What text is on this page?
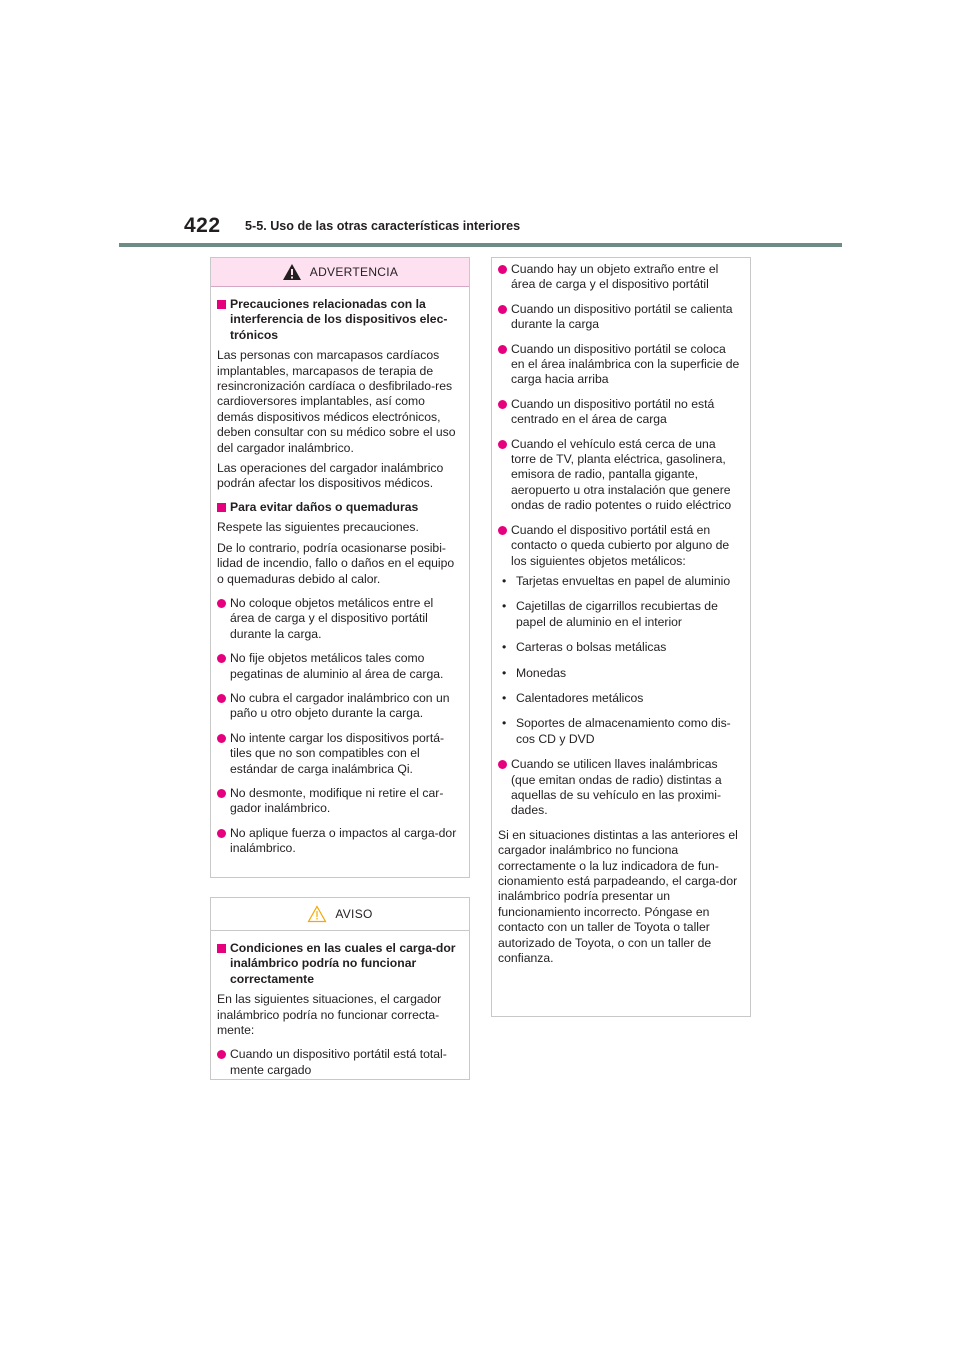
422 5-5. Uso de las otras características interiores
ADVERTENCIA
Precauciones relacionadas con la interferencia de los dispositivos elec-trónicos
Las personas con marcapasos cardíacos implantables, marcapasos de terapia de resincronización cardíaca o desfibrilado-res cardioversores implantables, así como demás dispositivos médicos electrónicos, deben consultar con su médico sobre el uso del cargador inalámbrico.
Las operaciones del cargador inalámbrico podrán afectar los dispositivos médicos.
Para evitar daños o quemaduras
Respete las siguientes precauciones.
De lo contrario, podría ocasionarse posibi-lidad de incendio, fallo o daños en el equipo o quemaduras debido al calor.
No coloque objetos metálicos entre el área de carga y el dispositivo portátil durante la carga.
No fije objetos metálicos tales como pegatinas de aluminio al área de carga.
No cubra el cargador inalámbrico con un paño u otro objeto durante la carga.
No intente cargar los dispositivos portá-tiles que no son compatibles con el estándar de carga inalámbrica Qi.
No desmonte, modifique ni retire el car-gador inalámbrico.
No aplique fuerza o impactos al carga-dor inalámbrico.
AVISO
Condiciones en las cuales el carga-dor inalámbrico podría no funcionar correctamente
En las siguientes situaciones, el cargador inalámbrico podría no funcionar correcta-mente:
Cuando un dispositivo portátil está total-mente cargado
Cuando hay un objeto extraño entre el área de carga y el dispositivo portátil
Cuando un dispositivo portátil se calienta durante la carga
Cuando un dispositivo portátil se coloca en el área inalámbrica con la superficie de carga hacia arriba
Cuando un dispositivo portátil no está centrado en el área de carga
Cuando el vehículo está cerca de una torre de TV, planta eléctrica, gasolinera, emisora de radio, pantalla gigante, aeropuerto u otra instalación que genere ondas de radio potentes o ruido eléctrico
Cuando el dispositivo portátil está en contacto o queda cubierto por alguno de los siguientes objetos metálicos:
• Tarjetas envueltas en papel de aluminio
• Cajetillas de cigarrillos recubiertas de papel de aluminio en el interior
• Carteras o bolsas metálicas
• Monedas
• Calentadores metálicos
• Soportes de almacenamiento como dis-cos CD y DVD
Cuando se utilicen llaves inalámbricas (que emitan ondas de radio) distintas a aquellas de su vehículo en las proximi-dades.
Si en situaciones distintas a las anteriores el cargador inalámbrico no funciona correctamente o la luz indicadora de fun-cionamiento está parpadeando, el carga-dor inalámbrico podría presentar un funcionamiento incorrecto. Póngase en contacto con un taller de Toyota o taller autorizado de Toyota, o con un taller de confianza.
